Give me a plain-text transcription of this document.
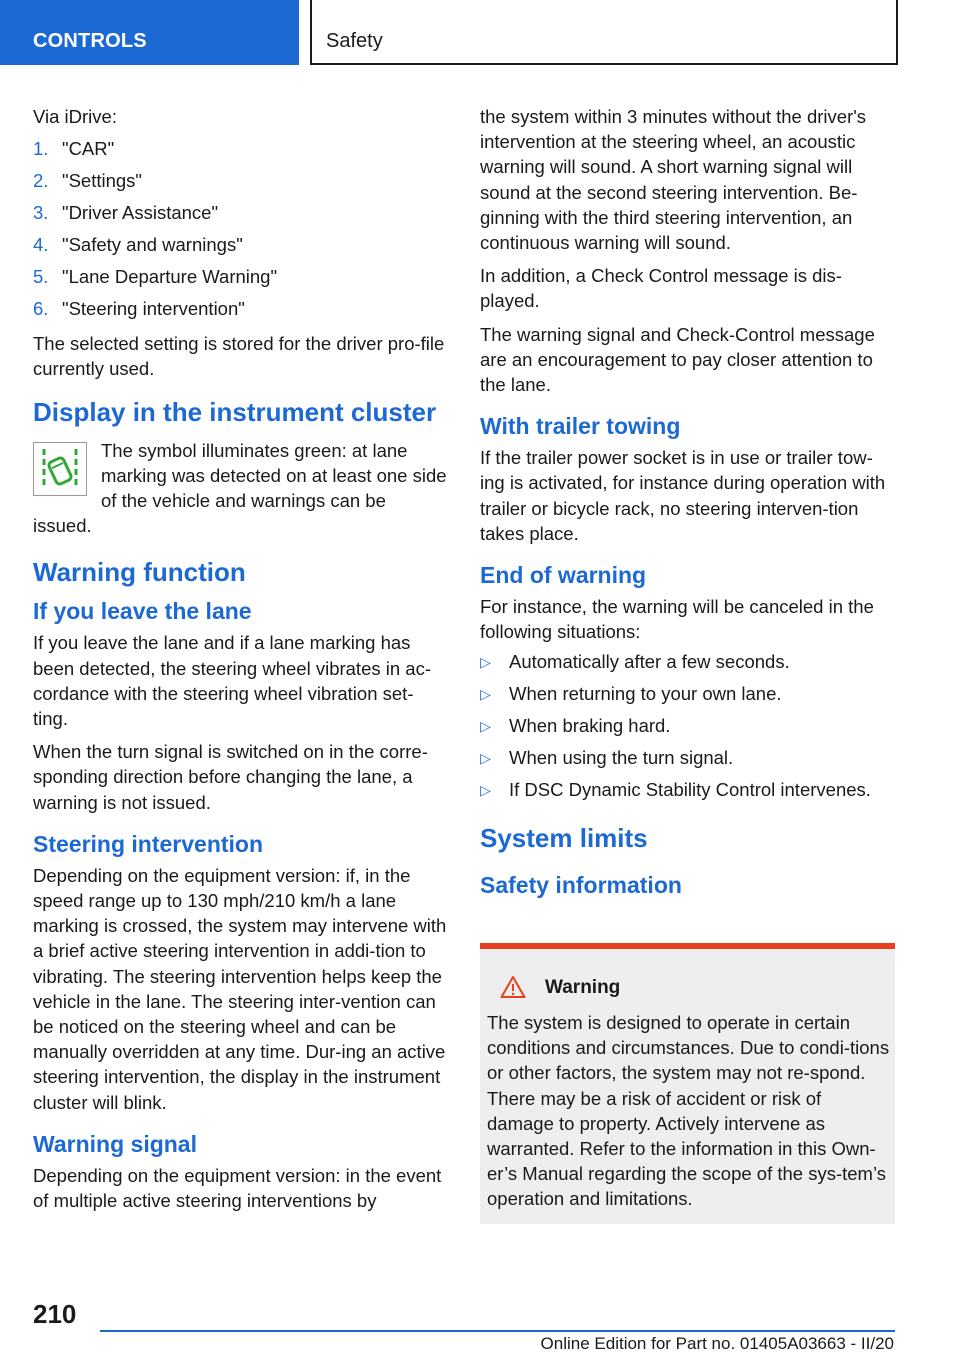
CONTROLS	Safety

Via iDrive:

1. "CAR"
2. "Settings"
3. "Driver Assistance"
4. "Safety and warnings"
5. "Lane Departure Warning"
6. "Steering intervention"

The selected setting is stored for the driver pro-file currently used.

Display in the instrument cluster

The symbol illuminates green: at lane marking was detected on at least one side of the vehicle and warnings can be issued.

Warning function
If you leave the lane

If you leave the lane and if a lane marking has been detected, the steering wheel vibrates in ac-cordance with the steering wheel vibration set-ting.

When the turn signal is switched on in the corre-sponding direction before changing the lane, a warning is not issued.

Steering intervention

Depending on the equipment version: if, in the speed range up to 130 mph/210 km/h a lane marking is crossed, the system may intervene with a brief active steering intervention in addi-tion to vibrating. The steering intervention helps keep the vehicle in the lane. The steering inter-vention can be noticed on the steering wheel and can be manually overridden at any time. Dur-ing an active steering intervention, the display in the instrument cluster will blink.

Warning signal

Depending on the equipment version: in the event of multiple active steering interventions by

the system within 3 minutes without the driver's intervention at the steering wheel, an acoustic warning will sound. A short warning signal will sound at the second steering intervention. Be-ginning with the third steering intervention, an continuous warning will sound.

In addition, a Check Control message is dis-played.

The warning signal and Check-Control message are an encouragement to pay closer attention to the lane.

With trailer towing

If the trailer power socket is in use or trailer tow-ing is activated, for instance during operation with trailer or bicycle rack, no steering interven-tion takes place.

End of warning

For instance, the warning will be canceled in the following situations:

▷ Automatically after a few seconds.
▷ When returning to your own lane.
▷ When braking hard.
▷ When using the turn signal.
▷ If DSC Dynamic Stability Control intervenes.
System limits
Safety information
Warning
The system is designed to operate in certain conditions and circumstances. Due to condi-tions or other factors, the system may not re-spond. There may be a risk of accident or risk of damage to property. Actively intervene as warranted. Refer to the information in this Own-er’s Manual regarding the scope of the sys-tem’s operation and limitations.
210
Online Edition for Part no. 01405A03663 - II/20
